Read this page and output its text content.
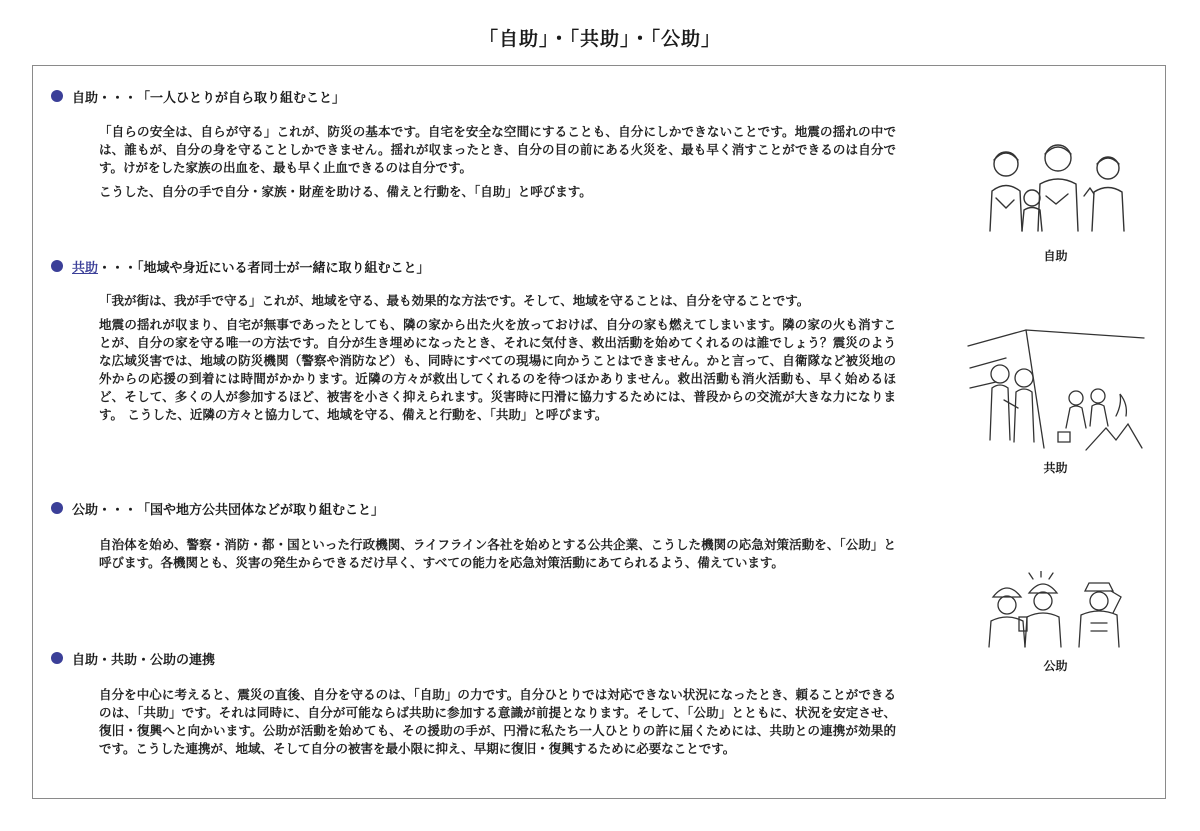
「自助」・「共助」・「公助」
自助・・・ 「一人ひとりが自ら取り組むこと」

「自らの安全は、自らが守る」これが、防災の基本です。自宅を安全な空間にすることも、自分にしかできないことです。地震の揺れの中では、誰もが、自分の身を守ることしかできません。揺れが収まったとき、自分の目の前にある火災を、最も早く消すことができるのは自分です。けがをした家族の出血を、最も早く止血できるのは自分です。

こうした、自分の手で自分・家族・財産を助ける、備えと行動を、「自助」と呼びます。

共助 ・・・「地域や身近にいる者同士が一緒に取り組むこと」

「我が街は、我が手で守る」これが、地域を守る、最も効果的な方法です。そして、地域を守ることは、自分を守ることです。

地震の揺れが収まり、自宅が無事であったとしても、隣の家から出た火を放っておけば、自分の家も燃えてしまいます。隣の家の火も消すことが、自分の家を守る唯一の方法です。自分が生き埋めになったとき、それに気付き、救出活動を始めてくれるのは誰でしょう？震災のような広域災害では、地域の防災機関（警察や消防など）も、同時にすべての現場に向かうことはできません。かと言って、自衛隊など被災地の外からの応援の到着には時間がかかります。近隣の方々が救出してくれるのを待つほかありません。救出活動も消火活動も、早く始めるほど、そして、多くの人が参加するほど、被害を小さく抑えられます。災害時に円滑に協力するためには、普段からの交流が大きな力になります。 こうした、近隣の方々と協力して、地域を守る、備えと行動を、「共助」と呼びます。

公助・・・ 「国や地方公共団体などが取り組むこと」

自治体を始め、警察・消防・都・国といった行政機関、ライフライン各社を始めとする公共企業、こうした機関の応急対策活動を、「公助」と呼びます。各機関とも、災害の発生からできるだけ早く、すべての能力を応急対策活動にあてられるよう、備えています。

自助・共助・公助の連携

自分を中心に考えると、震災の直後、自分を守るのは、「自助」の力です。自分ひとりでは対応できない状況になったとき、頼ることができるのは、「共助」です。それは同時に、自分が可能ならば共助に参加する意識が前提となります。そして、「公助」とともに、状況を安定させ、復旧・復興へと向かいます。公助が活動を始めても、その援助の手が、円滑に私たち一人ひとりの許に届くためには、共助との連携が効果的です。こうした連携が、地域、そして自分の被害を最小限に抑え、早期に復旧・復興するために必要なことです。

自助
共助
公助
